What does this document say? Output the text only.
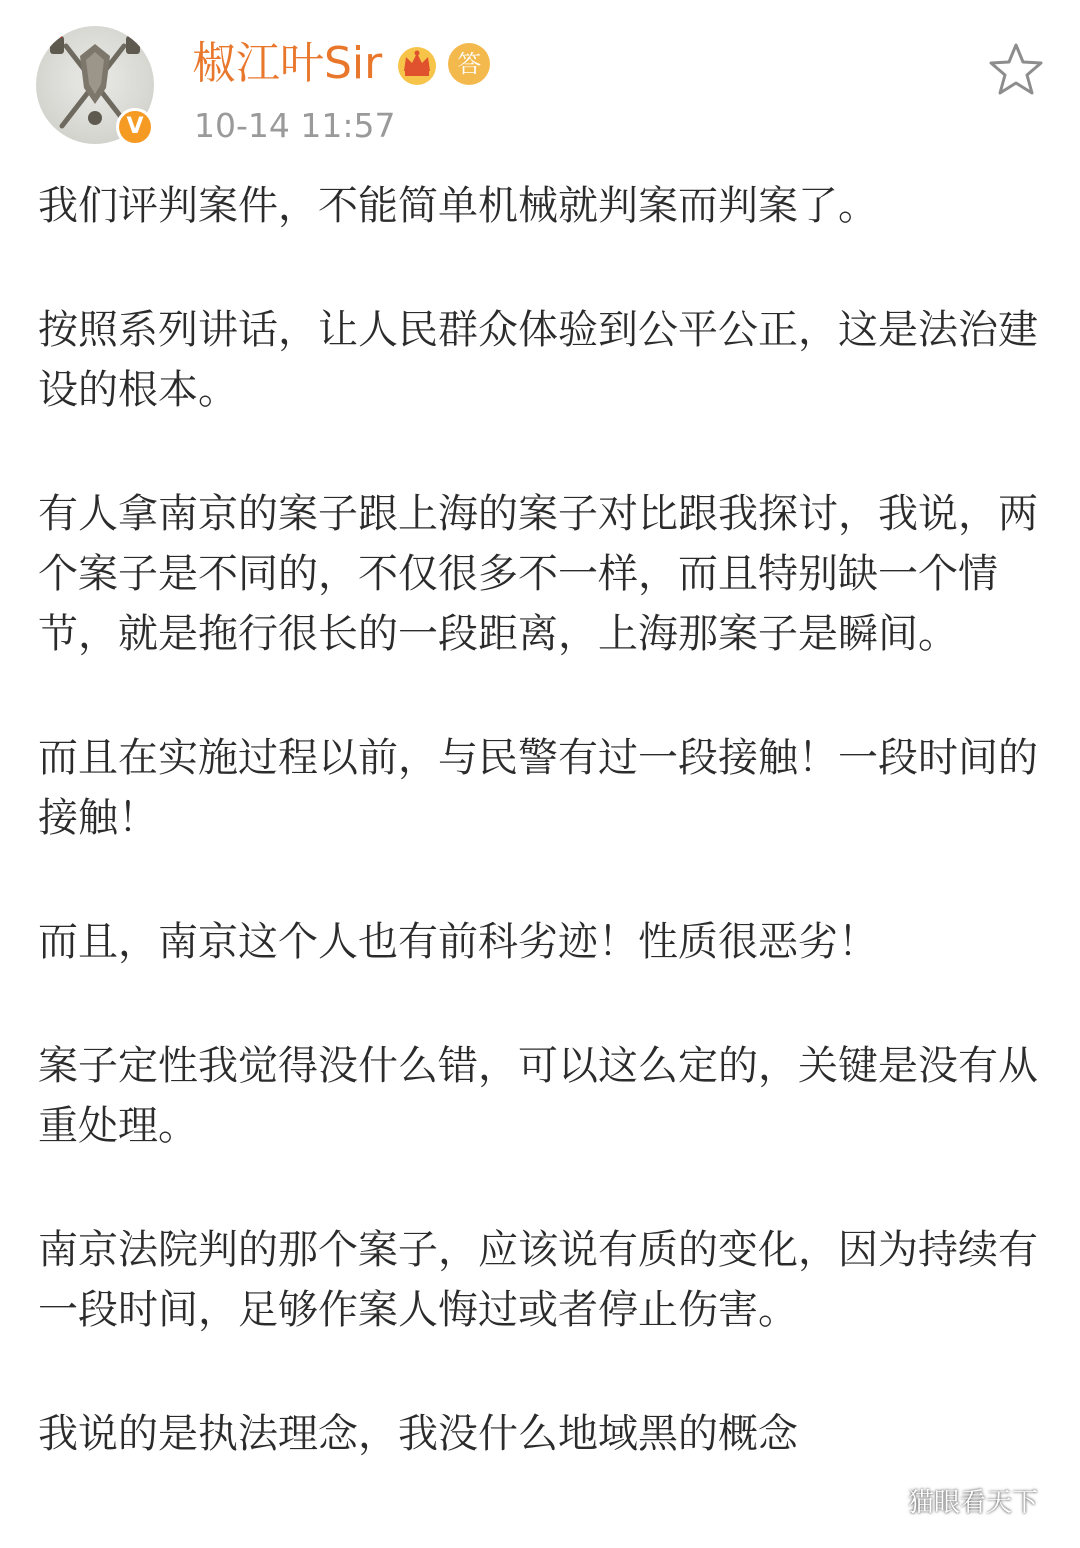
V
椒江叶Sir	答
10-14 11:57

我们评判案件，不能简单机械就判案而判案了。

按照系列讲话，让人民群众体验到公平公正，这是法治建设的根本。

有人拿南京的案子跟上海的案子对比跟我探讨，我说，两个案子是不同的，不仅很多不一样，而且特别缺一个情节，就是拖行很长的一段距离，上海那案子是瞬间。

而且在实施过程以前，与民警有过一段接触！一段时间的接触！

而且，南京这个人也有前科劣迹！性质很恶劣！

案子定性我觉得没什么错，可以这么定的，关键是没有从重处理。

南京法院判的那个案子，应该说有质的变化，因为持续有一段时间，足够作案人悔过或者停止伤害。

我说的是执法理念，我没什么地域黑的概念

猫眼看天下
